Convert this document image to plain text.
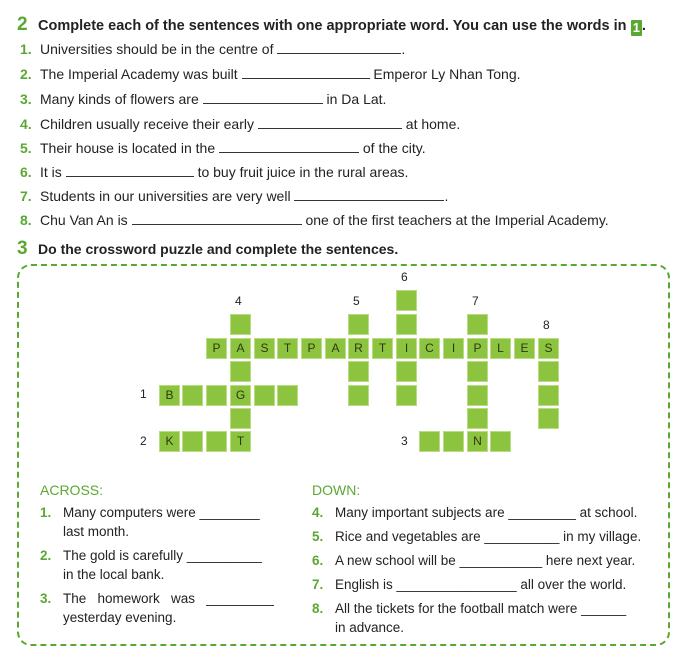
2 Complete each of the sentences with one appropriate word. You can use the words in 1 .
1. Universities should be in the centre of	.
2. The Imperial Academy was built	Emperor Ly Nhan Tong.
3. Many kinds of flowers are	in Da Lat.
4. Children usually receive their early	at home.
5. Their house is located in the	of the city.
6. It is	to buy fruit juice in the rural areas.
7. Students in our universities are very well	.
8. Chu Van An is	one of the first teachers at the Imperial Academy.
3 Do the crossword puzzle and complete the sentences.
4	5
6
7
8
1
2	3
P	A	S	T	P	A	R	T	I	C	I	P	L	E	S
B	G
K	T	N
ACROSS:
1. Many computers were ________
last month.
2. The gold is carefully __________
in the local bank.
3. The   homework   was   _________
yesterday evening.
DOWN:
4. Many important subjects are _________ at school.
5. Rice and vegetables are __________ in my village.
6. A new school will be ___________ here next year.
7. English is ________________ all over the world.
8. All the tickets for the football match were ______
in advance.
